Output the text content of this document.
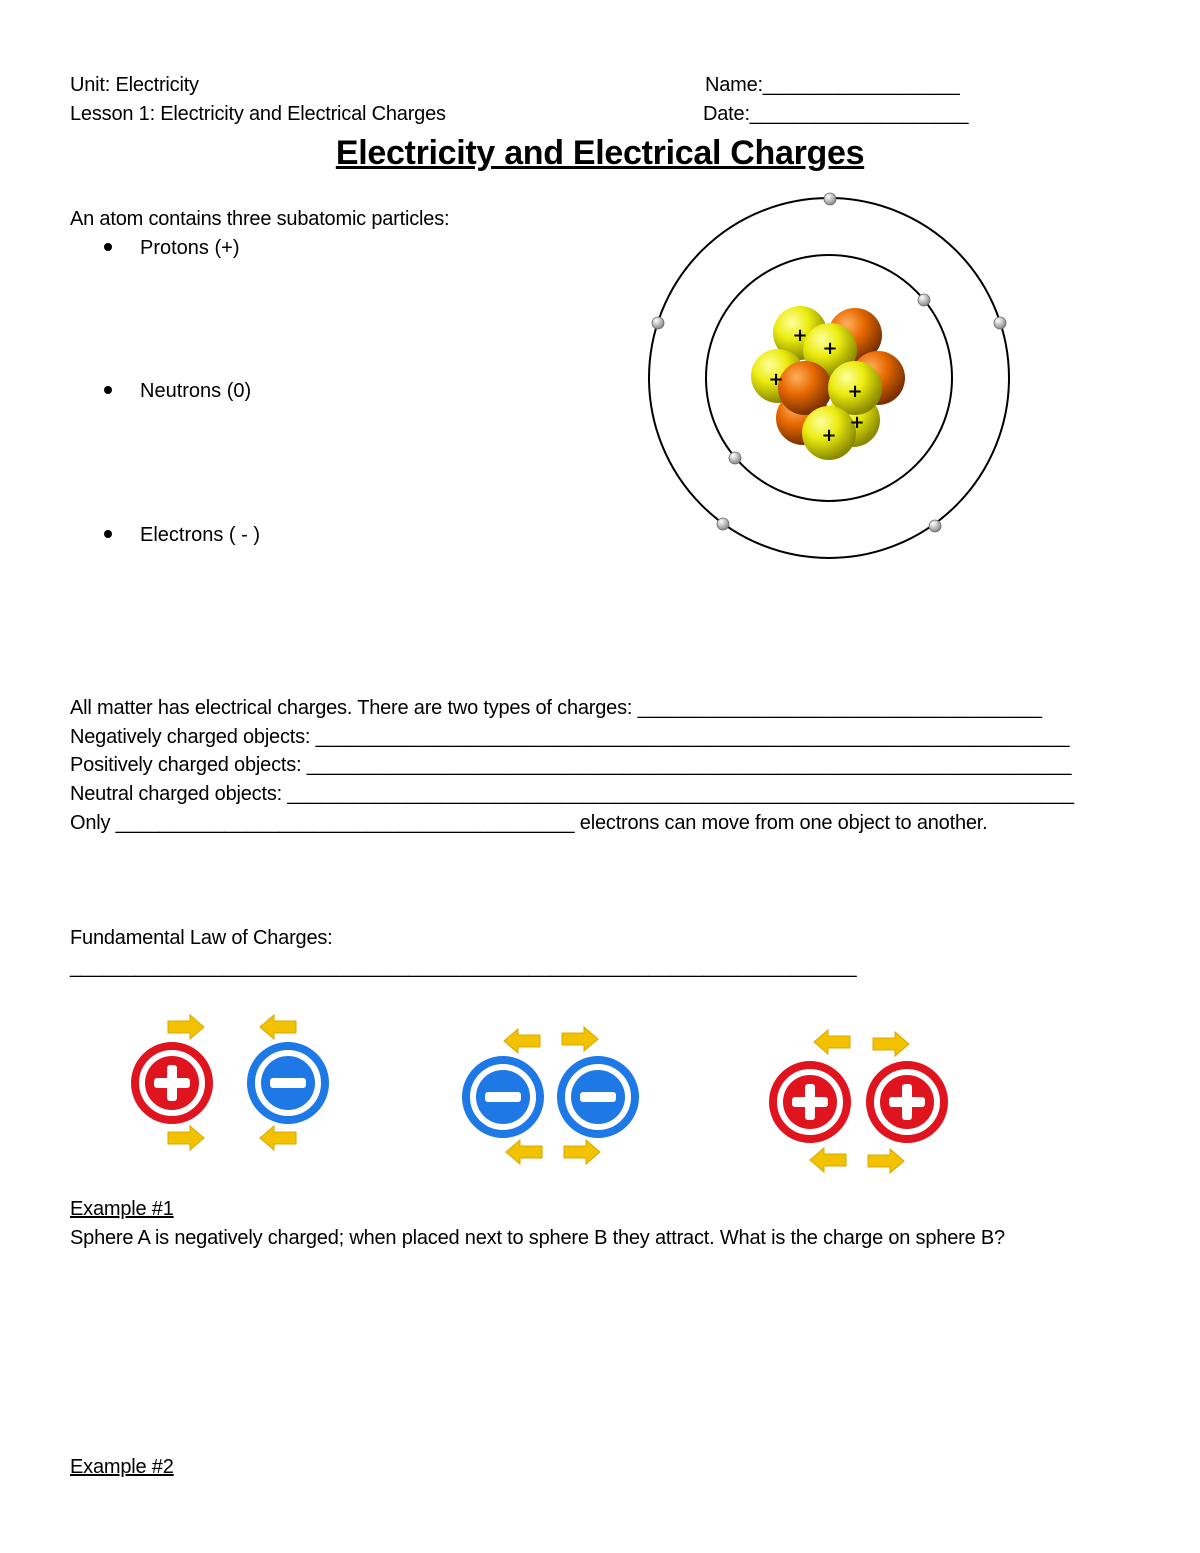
Unit: Electricity
Lesson 1: Electricity and Electrical Charges
Name:__________________
Date:____________________
Electricity and Electrical Charges
An atom contains three subatomic particles:
Protons (+)
Neutrons (0)
Electrons ( - )
+
+
+
+
+
+
All matter has electrical charges. There are two types of charges: _____________________________________
Negatively charged objects: _____________________________________________________________________
Positively charged objects: ______________________________________________________________________
Neutral charged objects: ________________________________________________________________________
Only __________________________________________ electrons can move from one object to another.
Fundamental Law of Charges:
________________________________________________________________________
Example #1
Sphere A is negatively charged; when placed next to sphere B they attract. What is the charge on sphere B?
Example #2
